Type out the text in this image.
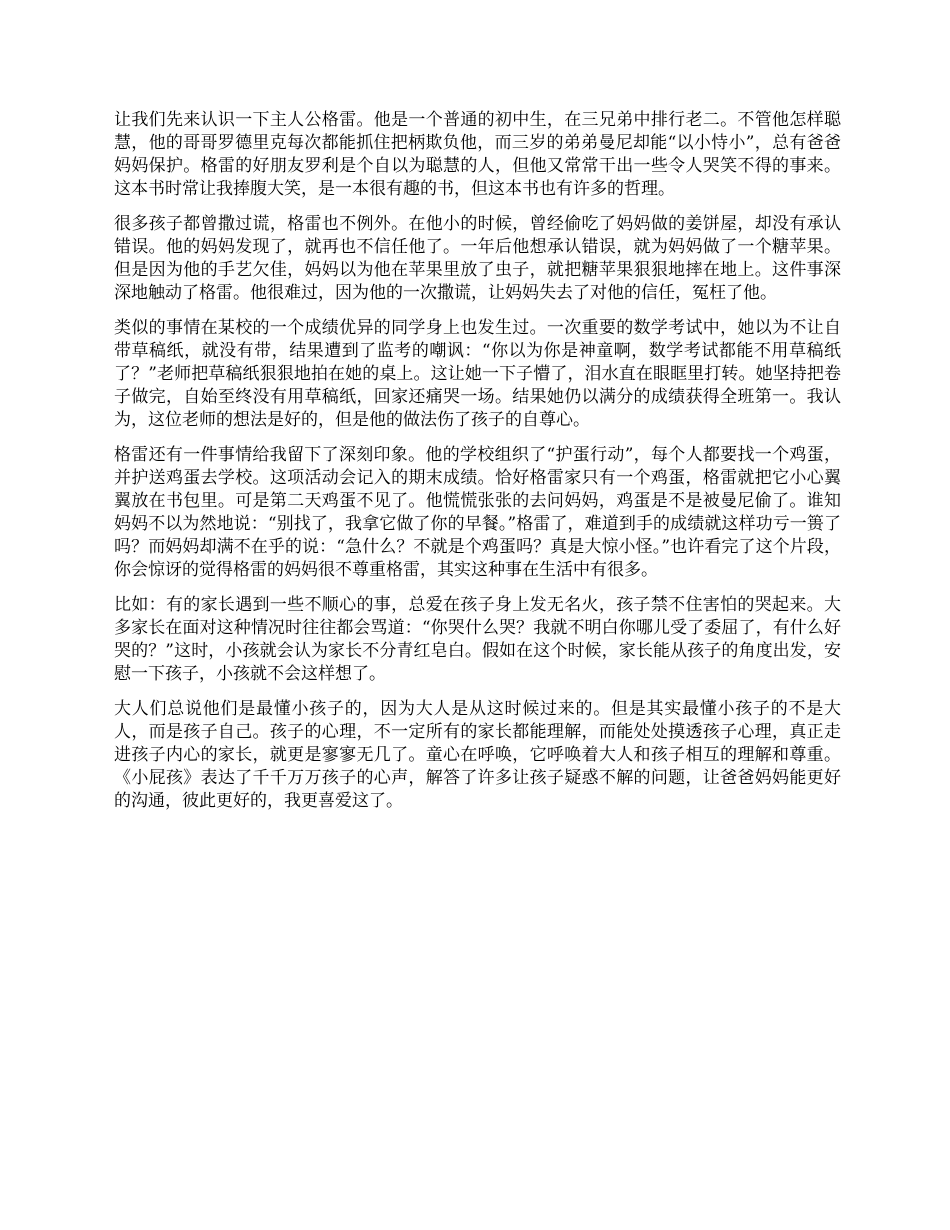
让我们先来认识一下主人公格雷。他是一个普通的初中生，在三兄弟中排行老二。不管他怎样聪慧，他的哥哥罗德里克每次都能抓住把柄欺负他，而三岁的弟弟曼尼却能“以小恃小”，总有爸爸妈妈保护。格雷的好朋友罗利是个自以为聪慧的人，但他又常常干出一些令人哭笑不得的事来。这本书时常让我捧腹大笑，是一本很有趣的书，但这本书也有许多的哲理。

很多孩子都曾撒过谎，格雷也不例外。在他小的时候，曾经偷吃了妈妈做的姜饼屋，却没有承认错误。他的妈妈发现了，就再也不信任他了。一年后他想承认错误，就为妈妈做了一个糖苹果。但是因为他的手艺欠佳，妈妈以为他在苹果里放了虫子，就把糖苹果狠狠地摔在地上。这件事深深地触动了格雷。他很难过，因为他的一次撒谎，让妈妈失去了对他的信任，冤枉了他。

类似的事情在某校的一个成绩优异的同学身上也发生过。一次重要的数学考试中，她以为不让自带草稿纸，就没有带，结果遭到了监考的嘲讽：“你以为你是神童啊，数学考试都能不用草稿纸了？”老师把草稿纸狠狠地拍在她的桌上。这让她一下子懵了，泪水直在眼眶里打转。她坚持把卷子做完，自始至终没有用草稿纸，回家还痛哭一场。结果她仍以满分的成绩获得全班第一。我认为，这位老师的想法是好的，但是他的做法伤了孩子的自尊心。

格雷还有一件事情给我留下了深刻印象。他的学校组织了“护蛋行动”，每个人都要找一个鸡蛋，并护送鸡蛋去学校。这项活动会记入的期末成绩。恰好格雷家只有一个鸡蛋，格雷就把它小心翼翼放在书包里。可是第二天鸡蛋不见了。他慌慌张张的去问妈妈，鸡蛋是不是被曼尼偷了。谁知妈妈不以为然地说：“别找了，我拿它做了你的早餐。”格雷了，难道到手的成绩就这样功亏一篑了吗？而妈妈却满不在乎的说：“急什么？不就是个鸡蛋吗？真是大惊小怪。”也许看完了这个片段，你会惊讶的觉得格雷的妈妈很不尊重格雷，其实这种事在生活中有很多。

比如：有的家长遇到一些不顺心的事，总爱在孩子身上发无名火，孩子禁不住害怕的哭起来。大多家长在面对这种情况时往往都会骂道：“你哭什么哭？我就不明白你哪儿受了委屈了，有什么好哭的？”这时，小孩就会认为家长不分青红皂白。假如在这个时候，家长能从孩子的角度出发，安慰一下孩子，小孩就不会这样想了。

大人们总说他们是最懂小孩子的，因为大人是从这时候过来的。但是其实最懂小孩子的不是大人，而是孩子自己。孩子的心理，不一定所有的家长都能理解，而能处处摸透孩子心理，真正走进孩子内心的家长，就更是寥寥无几了。童心在呼唤，它呼唤着大人和孩子相互的理解和尊重。《小屁孩》表达了千千万万孩子的心声，解答了许多让孩子疑惑不解的问题，让爸爸妈妈能更好的沟通，彼此更好的，我更喜爱这了。
